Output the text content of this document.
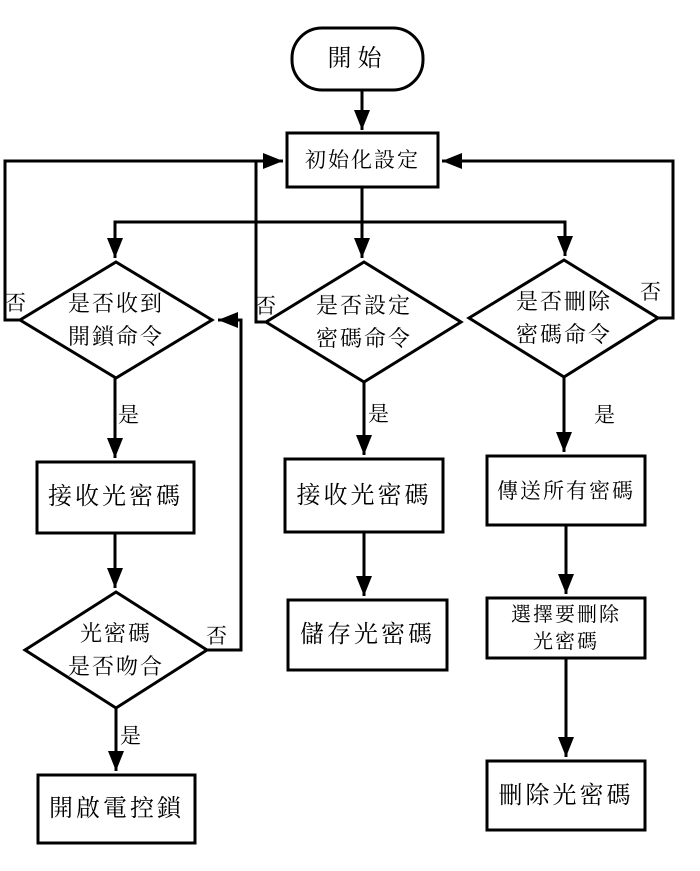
開始
初始化設定
是否收到
開鎖命令
是否設定
密碼命令
是否刪除
密碼命令
接收光密碼
光密碼
是否吻合
開啟電控鎖
接收光密碼
儲存光密碼
傳送所有密碼
選擇要刪除
光密碼
刪除光密碼
否	否
否
否
是	是	是
是
